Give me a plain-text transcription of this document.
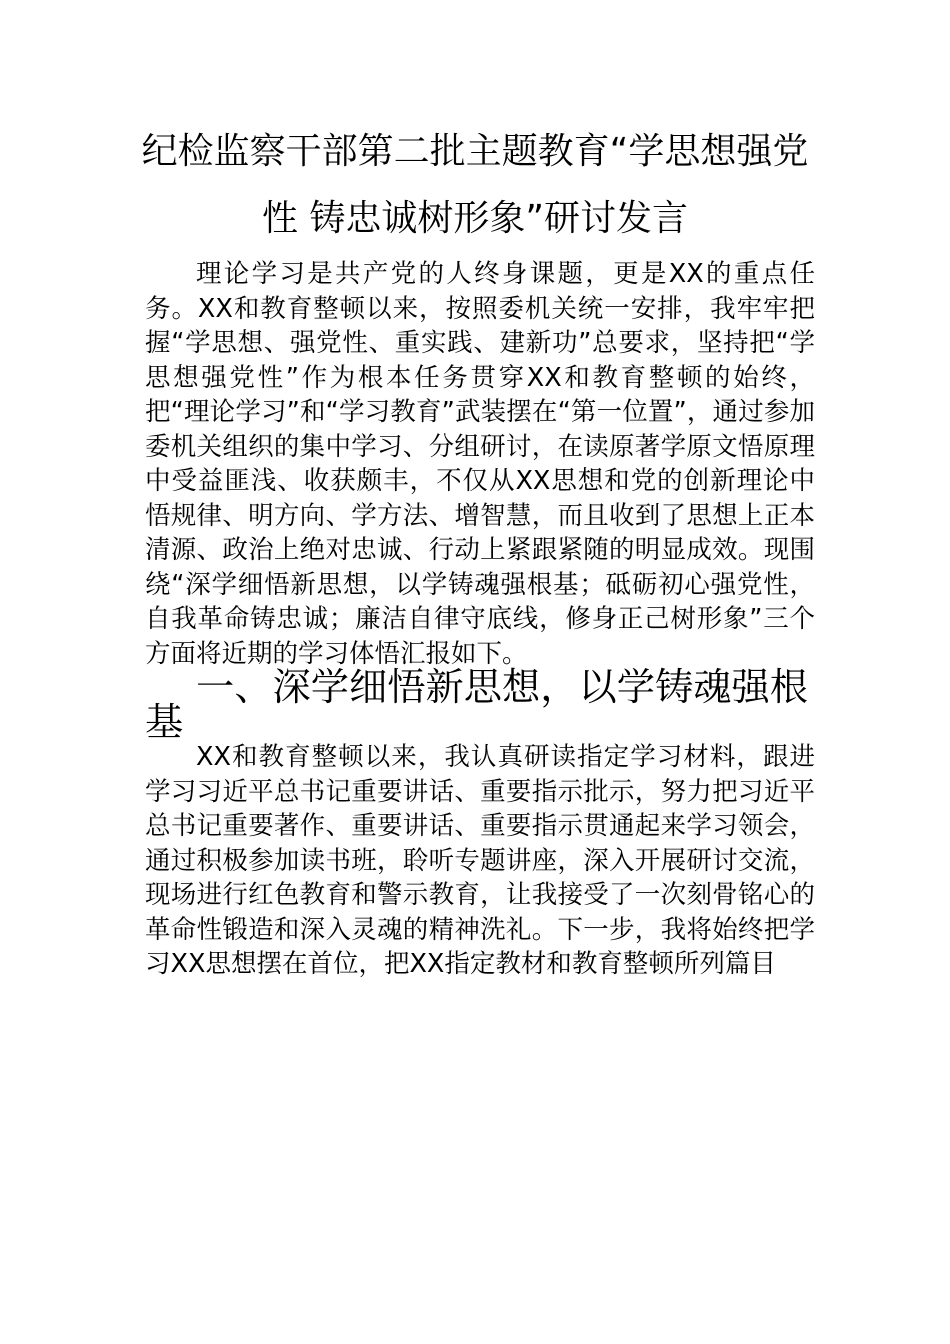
纪检监察干部第二批主题教育“学思想强党
性 铸忠诚树形象”研讨发言

理论学习是共产党的人终身课题，更是XX的重点任务。XX和教育整顿以来，按照委机关统一安排，我牢牢把握“学思想、强党性、重实践、建新功”总要求，坚持把“学思想强党性”作为根本任务贯穿XX和教育整顿的始终，把“理论学习”和“学习教育”武装摆在“第一位置”，通过参加委机关组织的集中学习、分组研讨，在读原著学原文悟原理中受益匪浅、收获颇丰，不仅从XX思想和党的创新理论中悟规律、明方向、学方法、增智慧，而且收到了思想上正本清源、政治上绝对忠诚、行动上紧跟紧随的明显成效。现围绕“深学细悟新思想，以学铸魂强根基；砥砺初心强党性，自我革命铸忠诚；廉洁自律守底线，修身正己树形象”三个方面将近期的学习体悟汇报如下。

一、深学细悟新思想，以学铸魂强根基

XX和教育整顿以来，我认真研读指定学习材料，跟进学习习近平总书记重要讲话、重要指示批示，努力把习近平总书记重要著作、重要讲话、重要指示贯通起来学习领会，通过积极参加读书班，聆听专题讲座，深入开展研讨交流，现场进行红色教育和警示教育，让我接受了一次刻骨铭心的革命性锻造和深入灵魂的精神洗礼。下一步，我将始终把学习XX思想摆在首位，把XX指定教材和教育整顿所列篇目
